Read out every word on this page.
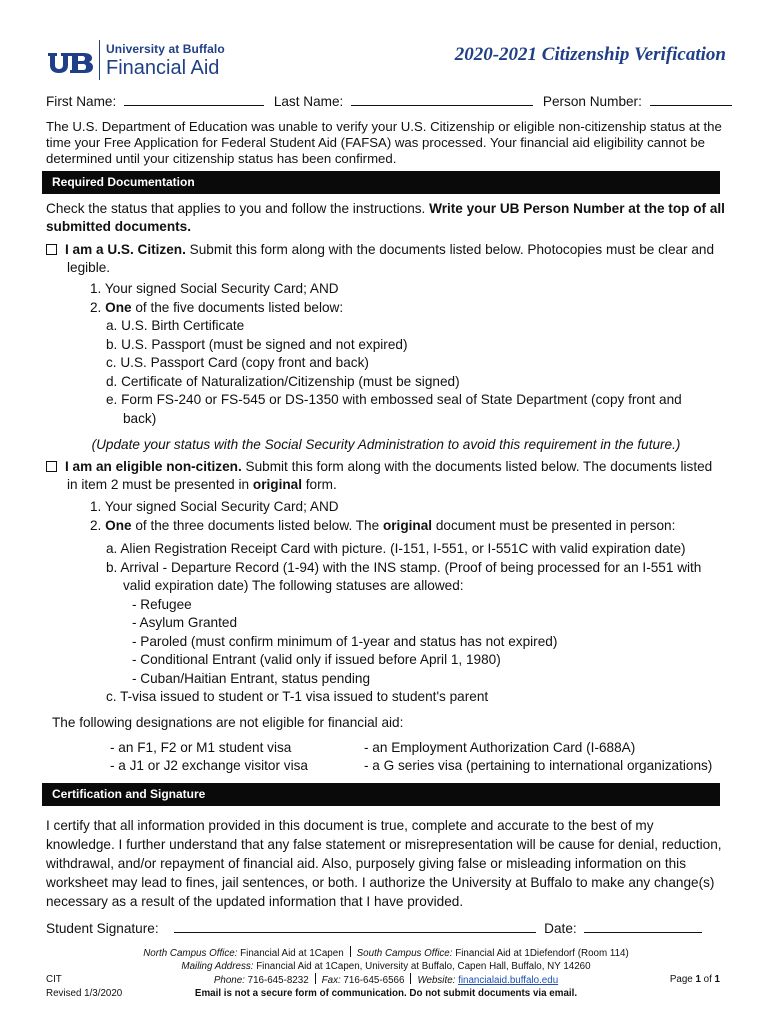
University at Buffalo
Financial Aid
2020-2021 Citizenship Verification
First Name:	Last Name:	Person Number:
The U.S. Department of Education was unable to verify your U.S. Citizenship or eligible non-citizenship status at the time your Free Application for Federal Student Aid (FAFSA) was processed. Your financial aid eligibility cannot be determined until your citizenship status has been confirmed.
Required Documentation
Check the status that applies to you and follow the instructions. Write your UB Person Number at the top of all submitted documents.
I am a U.S. Citizen. Submit this form along with the documents listed below. Photocopies must be clear and legible.
1. Your signed Social Security Card; AND
2. One of the five documents listed below:
a. U.S. Birth Certificate
b. U.S. Passport (must be signed and not expired)
c. U.S. Passport Card (copy front and back)
d. Certificate of Naturalization/Citizenship (must be signed)
e. Form FS-240 or FS-545 or DS-1350 with embossed seal of State Department (copy front and back)
(Update your status with the Social Security Administration to avoid this requirement in the future.)
I am an eligible non-citizen. Submit this form along with the documents listed below. The documents listed in item 2 must be presented in original form.
1. Your signed Social Security Card; AND
2. One of the three documents listed below. The original document must be presented in person:
a. Alien Registration Receipt Card with picture. (I-151, I-551, or I-551C with valid expiration date)
b. Arrival - Departure Record (1-94) with the INS stamp. (Proof of being processed for an I-551 with valid expiration date) The following statuses are allowed:
- Refugee
- Asylum Granted
- Paroled (must confirm minimum of 1-year and status has not expired)
- Conditional Entrant (valid only if issued before April 1, 1980)
- Cuban/Haitian Entrant, status pending
c. T-visa issued to student or T-1 visa issued to student's parent
The following designations are not eligible for financial aid:
- an F1, F2 or M1 student visa
- a J1 or J2 exchange visitor visa
- an Employment Authorization Card (I-688A)
- a G series visa (pertaining to international organizations)
Certification and Signature
I certify that all information provided in this document is true, complete and accurate to the best of my knowledge. I further understand that any false statement or misrepresentation will be cause for denial, reduction, withdrawal, and/or repayment of financial aid. Also, purposely giving false or misleading information on this worksheet may lead to fines, jail sentences, or both. I authorize the University at Buffalo to make any change(s) necessary as a result of the updated information that I have provided.
Student Signature:	Date:
North Campus Office: Financial Aid at 1Capen South Campus Office: Financial Aid at 1Diefendorf (Room 114)
Mailing Address: Financial Aid at 1Capen, University at Buffalo, Capen Hall, Buffalo, NY 14260
Phone: 716-645-8232 Fax: 716-645-6566 Website: financialaid.buffalo.edu
Email is not a secure form of communication. Do not submit documents via email.
CIT
Revised 1/3/2020
Page 1 of 1
